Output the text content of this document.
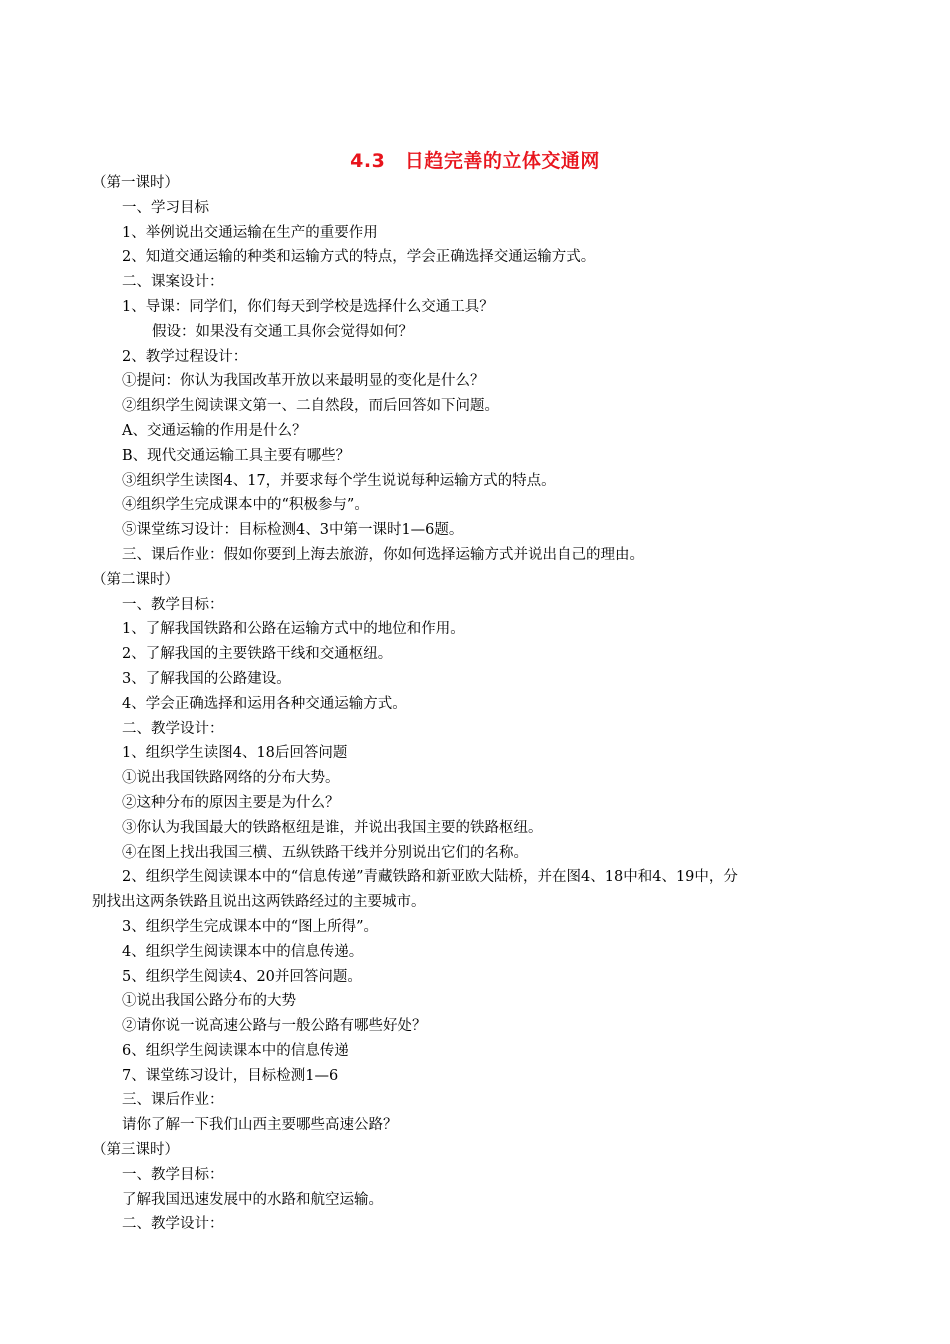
4.3　日趋完善的立体交通网
（第一课时）
一、学习目标
1、举例说出交通运输在生产的重要作用
2、知道交通运输的种类和运输方式的特点，学会正确选择交通运输方式。
二、课案设计：
1、导课：同学们，你们每天到学校是选择什么交通工具？
假设：如果没有交通工具你会觉得如何？
2、教学过程设计：
①提问：你认为我国改革开放以来最明显的变化是什么？
②组织学生阅读课文第一、二自然段，而后回答如下问题。
A、交通运输的作用是什么？
B、现代交通运输工具主要有哪些？
③组织学生读图4、17，并要求每个学生说说每种运输方式的特点。
④组织学生完成课本中的“积极参与”。
⑤课堂练习设计：目标检测4、3中第一课时1—6题。
三、课后作业：假如你要到上海去旅游，你如何选择运输方式并说出自己的理由。
（第二课时）
一、教学目标：
1、了解我国铁路和公路在运输方式中的地位和作用。
2、了解我国的主要铁路干线和交通枢纽。
3、了解我国的公路建设。
4、学会正确选择和运用各种交通运输方式。
二、教学设计：
1、组织学生读图4、18后回答问题
①说出我国铁路网络的分布大势。
②这种分布的原因主要是为什么？
③你认为我国最大的铁路枢纽是谁，并说出我国主要的铁路枢纽。
④在图上找出我国三横、五纵铁路干线并分别说出它们的名称。
2、组织学生阅读课本中的“信息传递”青藏铁路和新亚欧大陆桥，并在图4、18中和4、19中，分
别找出这两条铁路且说出这两铁路经过的主要城市。
3、组织学生完成课本中的“图上所得”。
4、组织学生阅读课本中的信息传递。
5、组织学生阅读4、20并回答问题。
①说出我国公路分布的大势
②请你说一说高速公路与一般公路有哪些好处？
6、组织学生阅读课本中的信息传递
7、课堂练习设计，目标检测1—6
三、课后作业：
请你了解一下我们山西主要哪些高速公路？
（第三课时）
一、教学目标：
了解我国迅速发展中的水路和航空运输。
二、教学设计：
